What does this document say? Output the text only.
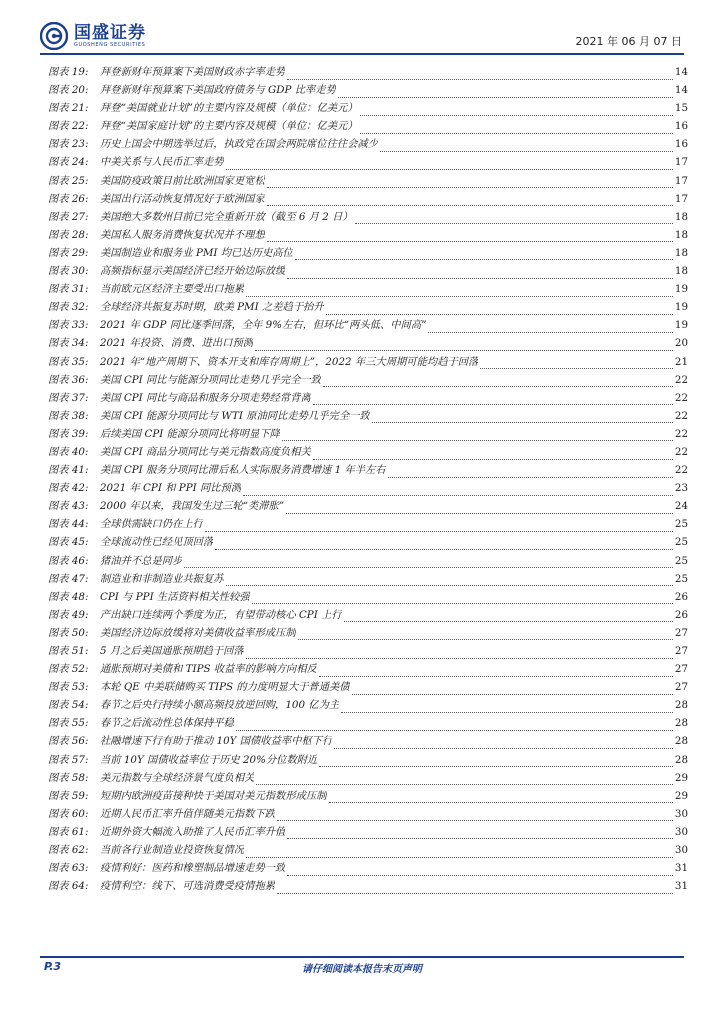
国盛证券
GUOSHENG SECURITIES	2021 年 06 月 07 日
图表 19:	拜登新财年预算案下美国财政赤字率走势	14
图表 20:	拜登新财年预算案下美国政府债务与 GDP 比率走势	14
图表 21:	拜登“美国就业计划”的主要内容及规模（单位：亿美元）	15
图表 22:	拜登“美国家庭计划”的主要内容及规模（单位：亿美元）	16
图表 23:	历史上国会中期选举过后，执政党在国会两院席位往往会减少	16
图表 24:	中美关系与人民币汇率走势	17
图表 25:	美国防疫政策目前比欧洲国家更宽松	17
图表 26:	美国出行活动恢复情况好于欧洲国家	17
图表 27:	美国绝大多数州目前已完全重新开放（截至 6 月 2 日）	18
图表 28:	美国私人服务消费恢复状况并不理想	18
图表 29:	美国制造业和服务业 PMI 均已达历史高位	18
图表 30:	高频指标显示美国经济已经开始边际放缓	18
图表 31:	当前欧元区经济主要受出口拖累	19
图表 32:	全球经济共振复苏时期，欧美 PMI 之差趋于抬升	19
图表 33:	2021 年 GDP 同比逐季回落，全年 9%左右，但环比“两头低、中间高”	19
图表 34:	2021 年投资、消费、进出口预测	20
图表 35:	2021 年“地产周期下、资本开支和库存周期上”，2022 年三大周期可能均趋于回落	21
图表 36:	美国 CPI 同比与能源分项同比走势几乎完全一致	22
图表 37:	美国 CPI 同比与商品和服务分项走势经常背离	22
图表 38:	美国 CPI 能源分项同比与 WTI 原油同比走势几乎完全一致	22
图表 39:	后续美国 CPI 能源分项同比将明显下降	22
图表 40:	美国 CPI 商品分项同比与美元指数高度负相关	22
图表 41:	美国 CPI 服务分项同比滞后私人实际服务消费增速 1 年半左右	22
图表 42:	2021 年 CPI 和 PPI 同比预测	23
图表 43:	2000 年以来，我国发生过三轮“类滞胀”	24
图表 44:	全球供需缺口仍在上行	25
图表 45:	全球流动性已经见顶回落	25
图表 46:	猪油并不总是同步	25
图表 47:	制造业和非制造业共振复苏	25
图表 48:	CPI 与 PPI 生活资料相关性较强	26
图表 49:	产出缺口连续两个季度为正，有望带动核心 CPI 上行	26
图表 50:	美国经济边际放缓将对美债收益率形成压制	27
图表 51:	5 月之后美国通胀预期趋于回落	27
图表 52:	通胀预期对美债和 TIPS 收益率的影响方向相反	27
图表 53:	本轮 QE 中美联储购买 TIPS 的力度明显大于普通美债	27
图表 54:	春节之后央行持续小额高频投放逆回购，100 亿为主	28
图表 55:	春节之后流动性总体保持平稳	28
图表 56:	社融增速下行有助于推动 10Y 国债收益率中枢下行	28
图表 57:	当前 10Y 国债收益率位于历史 20%分位数附近	28
图表 58:	美元指数与全球经济景气度负相关	29
图表 59:	短期内欧洲疫苗接种快于美国对美元指数形成压制	29
图表 60:	近期人民币汇率升值伴随美元指数下跌	30
图表 61:	近期外资大幅流入助推了人民币汇率升值	30
图表 62:	当前各行业制造业投资恢复情况	30
图表 63:	疫情利好：医药和橡塑制品增速走势一致	31
图表 64:	疫情利空：线下、可选消费受疫情拖累	31
P.3	请仔细阅读本报告末页声明
